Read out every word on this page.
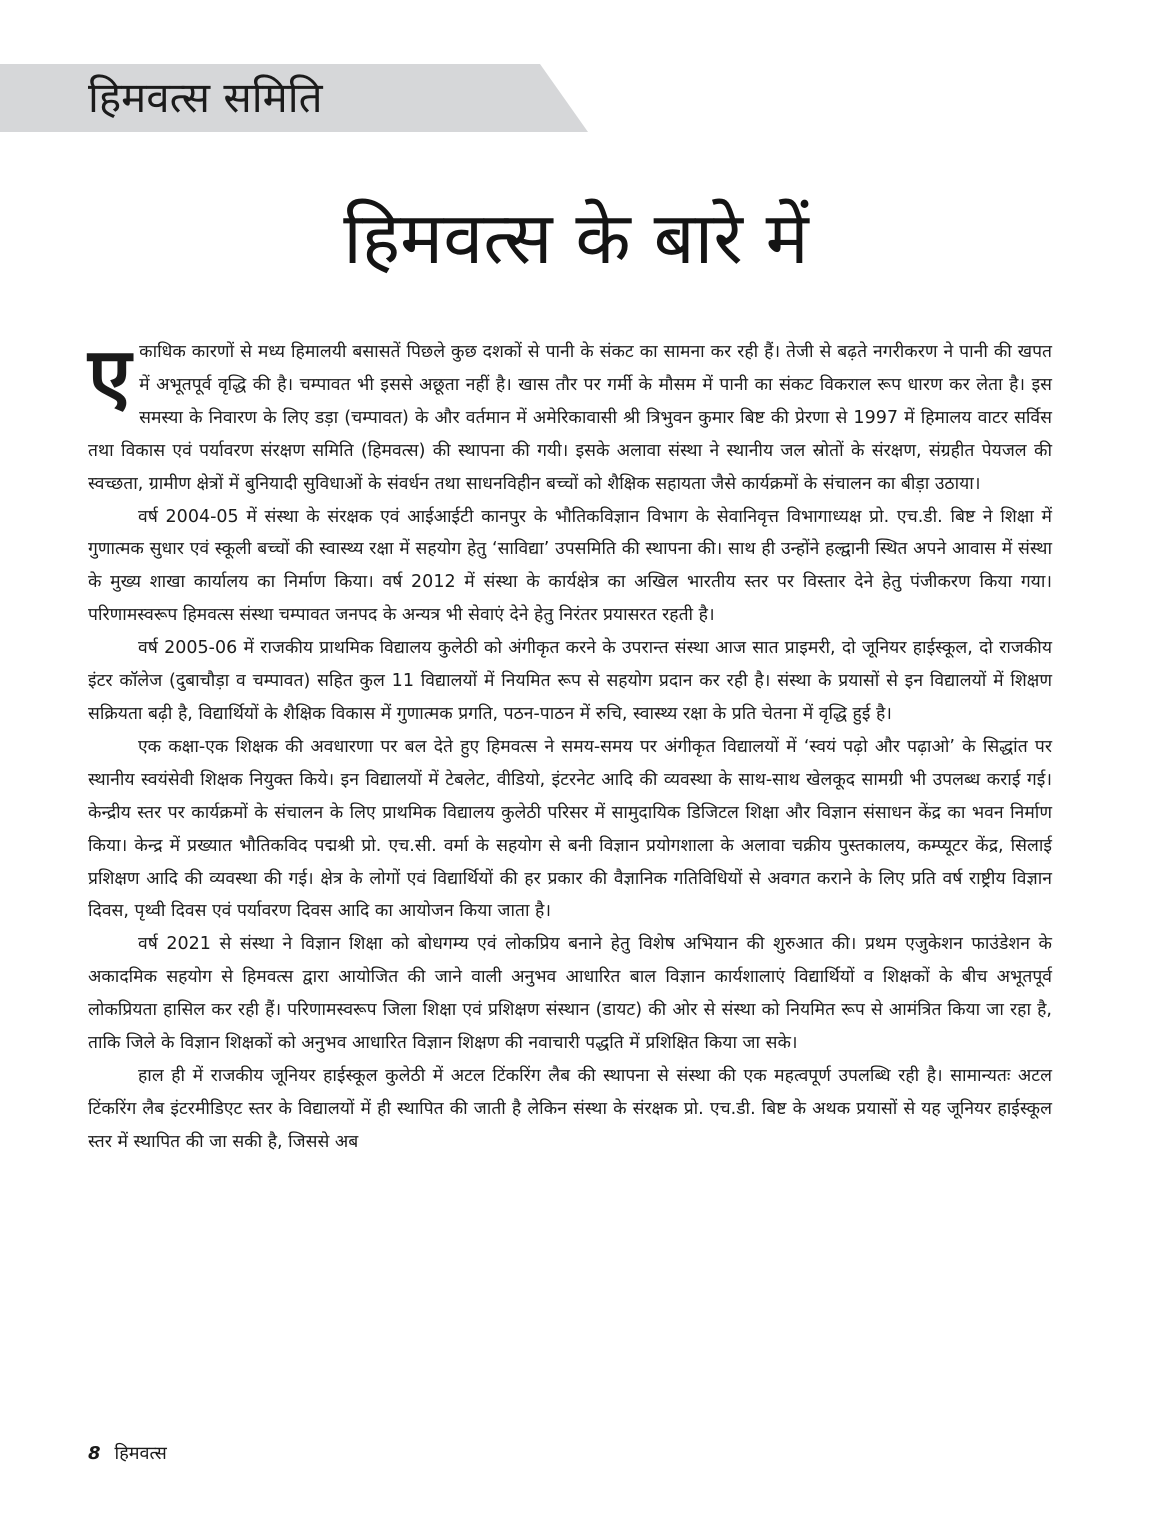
हिमवत्स समिति
हिमवत्स के बारे में

एकाधिक कारणों से मध्य हिमालयी बसासतें पिछले कुछ दशकों से पानी के संकट का सामना कर रही हैं। तेजी से बढ़ते नगरीकरण ने पानी की खपत में अभूतपूर्व वृद्धि की है। चम्पावत भी इससे अछूता नहीं है। खास तौर पर गर्मी के मौसम में पानी का संकट विकराल रूप धारण कर लेता है। इस समस्या के निवारण के लिए डड़ा (चम्पावत) के और वर्तमान में अमेरिकावासी श्री त्रिभुवन कुमार बिष्ट की प्रेरणा से 1997 में हिमालय वाटर सर्विस तथा विकास एवं पर्यावरण संरक्षण समिति (हिमवत्स) की स्थापना की गयी। इसके अलावा संस्था ने स्थानीय जल स्रोतों के संरक्षण, संग्रहीत पेयजल की स्वच्छता, ग्रामीण क्षेत्रों में बुनियादी सुविधाओं के संवर्धन तथा साधनविहीन बच्चों को शैक्षिक सहायता जैसे कार्यक्रमों के संचालन का बीड़ा उठाया।

वर्ष 2004-05 में संस्था के संरक्षक एवं आईआईटी कानपुर के भौतिकविज्ञान विभाग के सेवानिवृत्त विभागाध्यक्ष प्रो. एच.डी. बिष्ट ने शिक्षा में गुणात्मक सुधार एवं स्कूली बच्चों की स्वास्थ्य रक्षा में सहयोग हेतु ‘साविद्या’ उपसमिति की स्थापना की। साथ ही उन्होंने हल्द्वानी स्थित अपने आवास में संस्था के मुख्य शाखा कार्यालय का निर्माण किया। वर्ष 2012 में संस्था के कार्यक्षेत्र का अखिल भारतीय स्तर पर विस्तार देने हेतु पंजीकरण किया गया। परिणामस्वरूप हिमवत्स संस्था चम्पावत जनपद के अन्यत्र भी सेवाएं देने हेतु निरंतर प्रयासरत रहती है।

वर्ष 2005-06 में राजकीय प्राथमिक विद्यालय कुलेठी को अंगीकृत करने के उपरान्त संस्था आज सात प्राइमरी, दो जूनियर हाईस्कूल, दो राजकीय इंटर कॉलेज (दुबाचौड़ा व चम्पावत) सहित कुल 11 विद्यालयों में नियमित रूप से सहयोग प्रदान कर रही है। संस्था के प्रयासों से इन विद्यालयों में शिक्षण सक्रियता बढ़ी है, विद्यार्थियों के शैक्षिक विकास में गुणात्मक प्रगति, पठन-पाठन में रुचि, स्वास्थ्य रक्षा के प्रति चेतना में वृद्धि हुई है।

एक कक्षा-एक शिक्षक की अवधारणा पर बल देते हुए हिमवत्स ने समय-समय पर अंगीकृत विद्यालयों में ‘स्वयं पढ़ो और पढ़ाओ’ के सिद्धांत पर स्थानीय स्वयंसेवी शिक्षक नियुक्त किये। इन विद्यालयों में टेबलेट, वीडियो, इंटरनेट आदि की व्यवस्था के साथ-साथ खेलकूद सामग्री भी उपलब्ध कराई गई। केन्द्रीय स्तर पर कार्यक्रमों के संचालन के लिए प्राथमिक विद्यालय कुलेठी परिसर में सामुदायिक डिजिटल शिक्षा और विज्ञान संसाधन केंद्र का भवन निर्माण किया। केन्द्र में प्रख्यात भौतिकविद पद्मश्री प्रो. एच.सी. वर्मा के सहयोग से बनी विज्ञान प्रयोगशाला के अलावा चक्रीय पुस्तकालय, कम्प्यूटर केंद्र, सिलाई प्रशिक्षण आदि की व्यवस्था की गई। क्षेत्र के लोगों एवं विद्यार्थियों की हर प्रकार की वैज्ञानिक गतिविधियों से अवगत कराने के लिए प्रति वर्ष राष्ट्रीय विज्ञान दिवस, पृथ्वी दिवस एवं पर्यावरण दिवस आदि का आयोजन किया जाता है।

वर्ष 2021 से संस्था ने विज्ञान शिक्षा को बोधगम्य एवं लोकप्रिय बनाने हेतु विशेष अभियान की शुरुआत की। प्रथम एजुकेशन फाउंडेशन के अकादमिक सहयोग से हिमवत्स द्वारा आयोजित की जाने वाली अनुभव आधारित बाल विज्ञान कार्यशालाएं विद्यार्थियों व शिक्षकों के बीच अभूतपूर्व लोकप्रियता हासिल कर रही हैं। परिणामस्वरूप जिला शिक्षा एवं प्रशिक्षण संस्थान (डायट) की ओर से संस्था को नियमित रूप से आमंत्रित किया जा रहा है, ताकि जिले के विज्ञान शिक्षकों को अनुभव आधारित विज्ञान शिक्षण की नवाचारी पद्धति में प्रशिक्षित किया जा सके।

हाल ही में राजकीय जूनियर हाईस्कूल कुलेठी में अटल टिंकरिंग लैब की स्थापना से संस्था की एक महत्वपूर्ण उपलब्धि रही है। सामान्यतः अटल टिंकरिंग लैब इंटरमीडिएट स्तर के विद्यालयों में ही स्थापित की जाती है लेकिन संस्था के संरक्षक प्रो. एच.डी. बिष्ट के अथक प्रयासों से यह जूनियर हाईस्कूल स्तर में स्थापित की जा सकी है, जिससे अब

8 हिमवत्स
